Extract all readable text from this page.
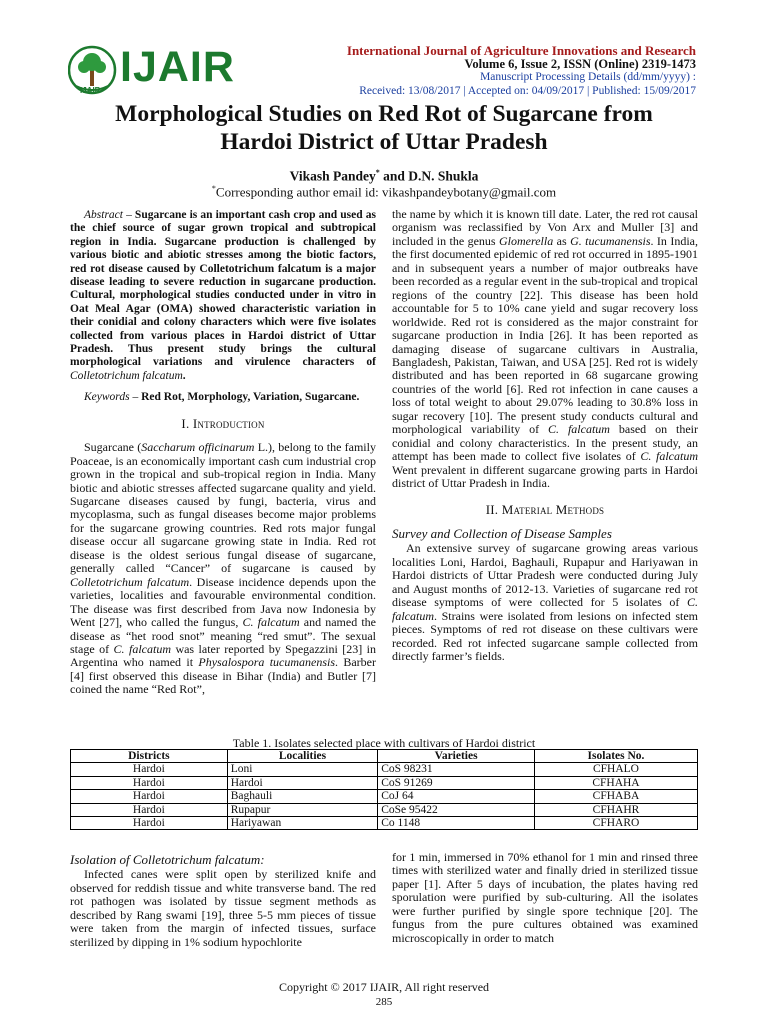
IJAIR
IJAIR
International Journal of Agriculture Innovations and Research
Volume 6, Issue 2, ISSN (Online) 2319-1473
Manuscript Processing Details (dd/mm/yyyy) :
Received: 13/08/2017 | Accepted on: 04/09/2017 | Published: 15/09/2017
Morphological Studies on Red Rot of Sugarcane from
Hardoi District of Uttar Pradesh
Vikash Pandey* and D.N. Shukla
*Corresponding author email id: vikashpandeybotany@gmail.com

Abstract – Sugarcane is an important cash crop and used as the chief source of sugar grown tropical and subtropical region in India. Sugarcane production is challenged by various biotic and abiotic stresses among the biotic factors, red rot disease caused by Colletotrichum falcatum is a major disease leading to severe reduction in sugarcane production. Cultural, morphological studies conducted under in vitro in Oat Meal Agar (OMA) showed characteristic variation in their conidial and colony characters which were five isolates collected from various places in Hardoi district of Uttar Pradesh. Thus present study brings the cultural morphological variations and virulence characters of Colletotrichum falcatum.

Keywords – Red Rot, Morphology, Variation, Sugarcane.

I. Introduction

Sugarcane (Saccharum officinarum L.), belong to the family Poaceae, is an economically important cash cum industrial crop grown in the tropical and sub-tropical region in India. Many biotic and abiotic stresses affected sugarcane quality and yield. Sugarcane diseases caused by fungi, bacteria, virus and mycoplasma, such as fungal diseases become major problems for the sugarcane growing countries. Red rots major fungal disease occur all sugarcane growing state in India. Red rot disease is the oldest serious fungal disease of sugarcane, generally called “Cancer” of sugarcane is caused by Colletotrichum falcatum. Disease incidence depends upon the varieties, localities and favourable environmental condition. The disease was first described from Java now Indonesia by Went [27], who called the fungus, C. falcatum and named the disease as “het rood snot” meaning “red smut”. The sexual stage of C. falcatum was later reported by Spegazzini [23] in Argentina who named it Physalospora tucumanensis. Barber [4] first observed this disease in Bihar (India) and Butler [7] coined the name “Red Rot”,

the name by which it is known till date. Later, the red rot causal organism was reclassified by Von Arx and Muller [3] and included in the genus Glomerella as G. tucumanensis. In India, the first documented epidemic of red rot occurred in 1895-1901 and in subsequent years a number of major outbreaks have been recorded as a regular event in the sub-tropical and tropical regions of the country [22]. This disease has been hold accountable for 5 to 10% cane yield and sugar recovery loss worldwide. Red rot is considered as the major constraint for sugarcane production in India [26]. It has been reported as damaging disease of sugarcane cultivars in Australia, Bangladesh, Pakistan, Taiwan, and USA [25]. Red rot is widely distributed and has been reported in 68 sugarcane growing countries of the world [6]. Red rot infection in cane causes a loss of total weight to about 29.07% leading to 30.8% loss in sugar recovery [10]. The present study conducts cultural and morphological variability of C. falcatum based on their conidial and colony characteristics. In the present study, an attempt has been made to collect five isolates of C. falcatum Went prevalent in different sugarcane growing parts in Hardoi district of Uttar Pradesh in India.

II. Material Methods
Survey and Collection of Disease Samples

An extensive survey of sugarcane growing areas various localities Loni, Hardoi, Baghauli, Rupapur and Hariyawan in Hardoi districts of Uttar Pradesh were conducted during July and August months of 2012-13. Varieties of sugarcane red rot disease symptoms of were collected for 5 isolates of C. falcatum. Strains were isolated from lesions on infected stem pieces. Symptoms of red rot disease on these cultivars were recorded. Red rot infected sugarcane sample collected from directly farmer’s fields.

Table 1. Isolates selected place with cultivars of Hardoi district
Districts	Localities	Varieties	Isolates No.
Hardoi	Loni	CoS 98231	CFHALO
Hardoi	Hardoi	CoS 91269	CFHAHA
Hardoi	Baghauli	CoJ 64	CFHABA
Hardoi	Rupapur	CoSe 95422	CFHAHR
Hardoi	Hariyawan	Co 1148	CFHARO
Isolation of Colletotrichum falcatum:

Infected canes were split open by sterilized knife and observed for reddish tissue and white transverse band. The red rot pathogen was isolated by tissue segment methods as described by Rang swami [19], three 5-5 mm pieces of tissue were taken from the margin of infected tissues, surface sterilized by dipping in 1% sodium hypochlorite

for 1 min, immersed in 70% ethanol for 1 min and rinsed three times with sterilized water and finally dried in sterilized tissue paper [1]. After 5 days of incubation, the plates having red sporulation were purified by sub-culturing. All the isolates were further purified by single spore technique [20]. The fungus from the pure cultures obtained was examined microscopically in order to match

Copyright © 2017 IJAIR, All right reserved
285
